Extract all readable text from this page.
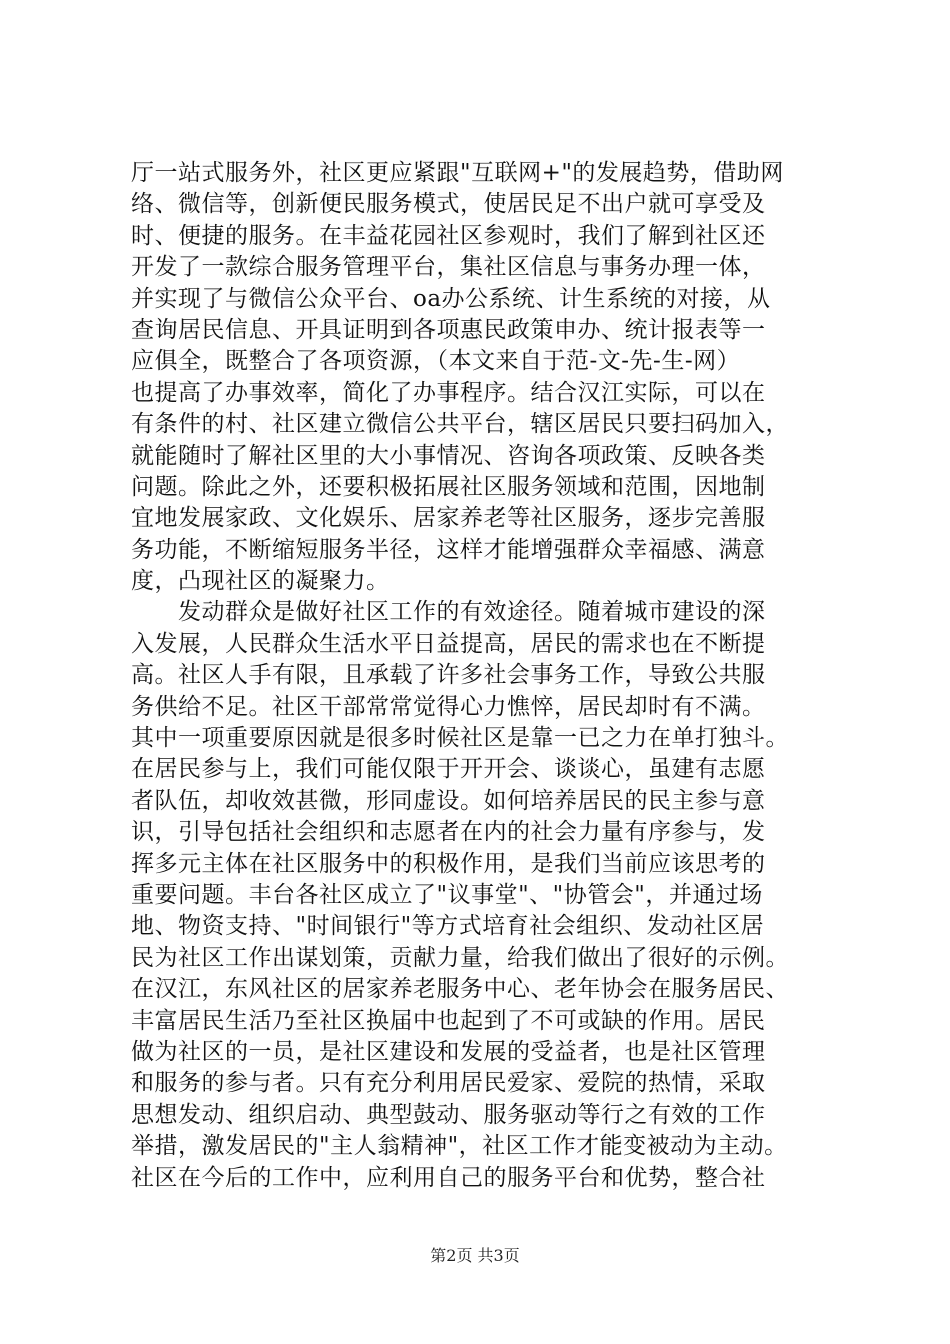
厅一站式服务外，社区更应紧跟"互联网+"的发展趋势，借助网
络、微信等，创新便民服务模式，使居民足不出户就可享受及
时、便捷的服务。在丰益花园社区参观时，我们了解到社区还
开发了一款综合服务管理平台，集社区信息与事务办理一体，
并实现了与微信公众平台、oa办公系统、计生系统的对接，从
查询居民信息、开具证明到各项惠民政策申办、统计报表等一
应俱全，既整合了各项资源，（本文来自于范-文-先-生-网）
也提高了办事效率，简化了办事程序。结合汉江实际，可以在
有条件的村、社区建立微信公共平台，辖区居民只要扫码加入，
就能随时了解社区里的大小事情况、咨询各项政策、反映各类
问题。除此之外，还要积极拓展社区服务领域和范围，因地制
宜地发展家政、文化娱乐、居家养老等社区服务，逐步完善服
务功能，不断缩短服务半径，这样才能增强群众幸福感、满意
度，凸现社区的凝聚力。
　　发动群众是做好社区工作的有效途径。随着城市建设的深
入发展，人民群众生活水平日益提高，居民的需求也在不断提
高。社区人手有限，且承载了许多社会事务工作，导致公共服
务供给不足。社区干部常常觉得心力憔悴，居民却时有不满。
其中一项重要原因就是很多时候社区是靠一已之力在单打独斗。
在居民参与上，我们可能仅限于开开会、谈谈心，虽建有志愿
者队伍，却收效甚微，形同虚设。如何培养居民的民主参与意
识，引导包括社会组织和志愿者在内的社会力量有序参与，发
挥多元主体在社区服务中的积极作用，是我们当前应该思考的
重要问题。丰台各社区成立了"议事堂"、"协管会"，并通过场
地、物资支持、"时间银行"等方式培育社会组织、发动社区居
民为社区工作出谋划策，贡献力量，给我们做出了很好的示例。
在汉江，东风社区的居家养老服务中心、老年协会在服务居民、
丰富居民生活乃至社区换届中也起到了不可或缺的作用。居民
做为社区的一员，是社区建设和发展的受益者，也是社区管理
和服务的参与者。只有充分利用居民爱家、爱院的热情，采取
思想发动、组织启动、典型鼓动、服务驱动等行之有效的工作
举措，激发居民的"主人翁精神"，社区工作才能变被动为主动。
社区在今后的工作中，应利用自己的服务平台和优势，整合社
第2页 共3页
